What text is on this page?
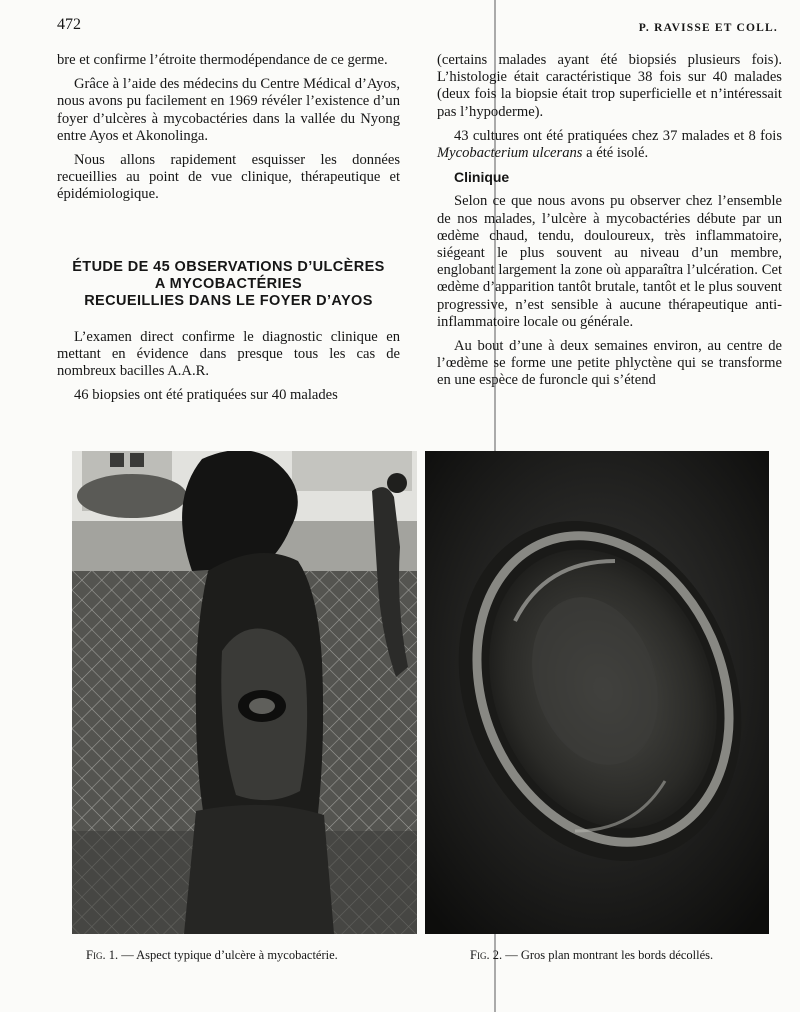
472	P. RAVISSE ET COLL.

bre et confirme l’étroite thermodépendance de ce germe.

Grâce à l’aide des médecins du Centre Médical d’Ayos, nous avons pu facilement en 1969 révéler l’existence d’un foyer d’ulcères à mycobactéries dans la vallée du Nyong entre Ayos et Akonolinga.

Nous allons rapidement esquisser les données recueillies au point de vue clinique, thérapeutique et épidémiologique.

ÉTUDE DE 45 OBSERVATIONS D’ULCÈRES
A MYCOBACTÉRIES
RECUEILLIES DANS LE FOYER D’AYOS

L’examen direct confirme le diagnostic clinique en mettant en évidence dans presque tous les cas de nombreux bacilles A.A.R.

46 biopsies ont été pratiquées sur 40 malades

(certains malades ayant été biopsiés plusieurs fois). L’histologie était caractéristique 38 fois sur 40 malades (deux fois la biopsie était trop superficielle et n’intéressait pas l’hypoderme).

43 cultures ont été pratiquées chez 37 malades et 8 fois Mycobacterium ulcerans a été isolé.

Clinique

Selon ce que nous avons pu observer chez l’ensemble de nos malades, l’ulcère à mycobactéries débute par un œdème chaud, tendu, douloureux, très inflammatoire, siégeant le plus souvent au niveau d’un membre, englobant largement la zone où apparaîtra l’ulcération. Cet œdème d’apparition tantôt brutale, tantôt et le plus souvent progressive, n’est sensible à aucune thérapeutique anti-inflammatoire locale ou générale.

Au bout d’une à deux semaines environ, au centre de l’œdème se forme une petite phlyctène qui se transforme en une espèce de furoncle qui s’étend

Fig. 1. — Aspect typique d’ulcère à mycobactérie.	Fig. 2. — Gros plan montrant les bords décollés.
